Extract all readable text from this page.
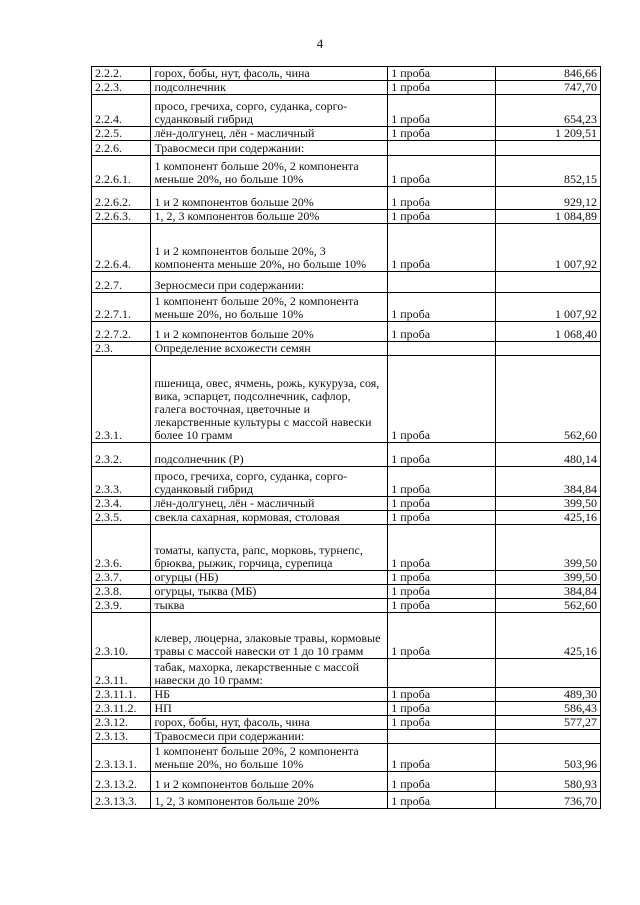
4
2.2.2.	горох, бобы, нут, фасоль, чина	1 проба	846,66
2.2.3.	подсолнечник	1 проба	747,70
2.2.4.	просо, гречиха, сорго, суданка, сорго-суданковый гибрид	1 проба	654,23
2.2.5.	лён-долгунец, лён - масличный	1 проба	1 209,51
2.2.6.	Травосмеси при содержании:		
2.2.6.1.	1 компонент больше 20%, 2 компонента меньше 20%, но больше 10%	1 проба	852,15
2.2.6.2.	1 и 2 компонентов больше 20%	1 проба	929,12
2.2.6.3.	1, 2, 3 компонентов больше 20%	1 проба	1 084,89
2.2.6.4.	1 и 2 компонентов больше 20%, 3 компонента меньше 20%, но больше 10%	1 проба	1 007,92
2.2.7.	Зерносмеси при содержании:		
2.2.7.1.	1 компонент больше 20%, 2 компонента меньше 20%, но больше 10%	1 проба	1 007,92
2.2.7.2.	1 и 2 компонентов больше 20%	1 проба	1 068,40
2.3.	Определение всхожести семян		
2.3.1.	пшеница, овес, ячмень, рожь, кукуруза, соя, вика, эспарцет, подсолнечник, сафлор, галега восточная, цветочные и лекарственные культуры с массой навески более 10 грамм	1 проба	562,60
2.3.2.	подсолнечник (Р)	1 проба	480,14
2.3.3.	просо, гречиха, сорго, суданка, сорго-суданковый гибрид	1 проба	384,84
2.3.4.	лён-долгунец, лён - масличный	1 проба	399,50
2.3.5.	свекла сахарная, кормовая, столовая	1 проба	425,16
2.3.6.	томаты, капуста, рапс, морковь, турнепс, брюква, рыжик, горчица, сурепица	1 проба	399,50
2.3.7.	огурцы (НБ)	1 проба	399,50
2.3.8.	огурцы, тыква (МБ)	1 проба	384,84
2.3.9.	тыква	1 проба	562,60
2.3.10.	клевер, люцерна, злаковые травы, кормовые травы с массой навески от 1 до 10 грамм	1 проба	425,16
2.3.11.	табак, махорка, лекарственные с массой навески до 10 грамм:		
2.3.11.1.	НБ	1 проба	489,30
2.3.11.2.	НП	1 проба	586,43
2.3.12.	горох, бобы, нут, фасоль, чина	1 проба	577,27
2.3.13.	Травосмеси при содержании:		
2.3.13.1.	1 компонент больше 20%, 2 компонента меньше 20%, но больше 10%	1 проба	503,96
2.3.13.2.	1 и 2 компонентов больше 20%	1 проба	580,93
2.3.13.3.	1, 2, 3 компонентов больше 20%	1 проба	736,70
